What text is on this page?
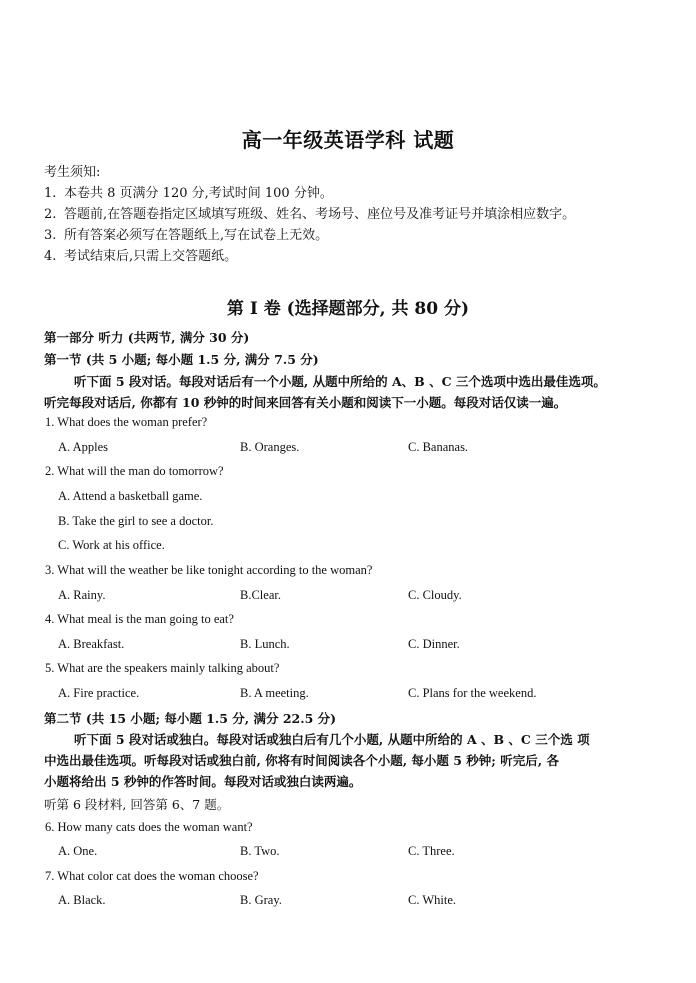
高一年级英语学科 试题
考生须知:
1. 本卷共 8 页满分 120 分,考试时间 100 分钟。
2. 答题前,在答题卷指定区域填写班级、姓名、考场号、座位号及准考证号并填涂相应数字。
3. 所有答案必须写在答题纸上,写在试卷上无效。
4. 考试结束后,只需上交答题纸。
第 I 卷 (选择题部分, 共 80 分)
第一部分 听力 (共两节, 满分 30 分)
第一节 (共 5 小题; 每小题 1.5 分, 满分 7.5 分)
听下面 5 段对话。每段对话后有一个小题, 从题中所给的 A、B 、C 三个选项中选出最佳选项。
听完每段对话后, 你都有 10 秒钟的时间来回答有关小题和阅读下一小题。每段对话仅读一遍。
1. What does the woman prefer?
A. Apples	B. Oranges.	C. Bananas.
2. What will the man do tomorrow?
A. Attend a basketball game.
B. Take the girl to see a doctor.
C. Work at his office.
3. What will the weather be like tonight according to the woman?
A. Rainy.	B.Clear.	C. Cloudy.
4. What meal is the man going to eat?
A. Breakfast.	B. Lunch.	C. Dinner.
5. What are the speakers mainly talking about?
A. Fire practice.	B. A meeting.	C. Plans for the weekend.
第二节 (共 15 小题; 每小题 1.5 分, 满分 22.5 分)
听下面 5 段对话或独白。每段对话或独白后有几个小题, 从题中所给的 A 、B 、C 三个选 项
中选出最佳选项。听每段对话或独白前, 你将有时间阅读各个小题, 每小题 5 秒钟; 听完后, 各
小题将给出 5 秒钟的作答时间。每段对话或独白读两遍。
听第 6 段材料, 回答第 6、7 题。
6. How many cats does the woman want?
A. One.	B. Two.	C. Three.
7. What color cat does the woman choose?
A. Black.	B. Gray.	C. White.
